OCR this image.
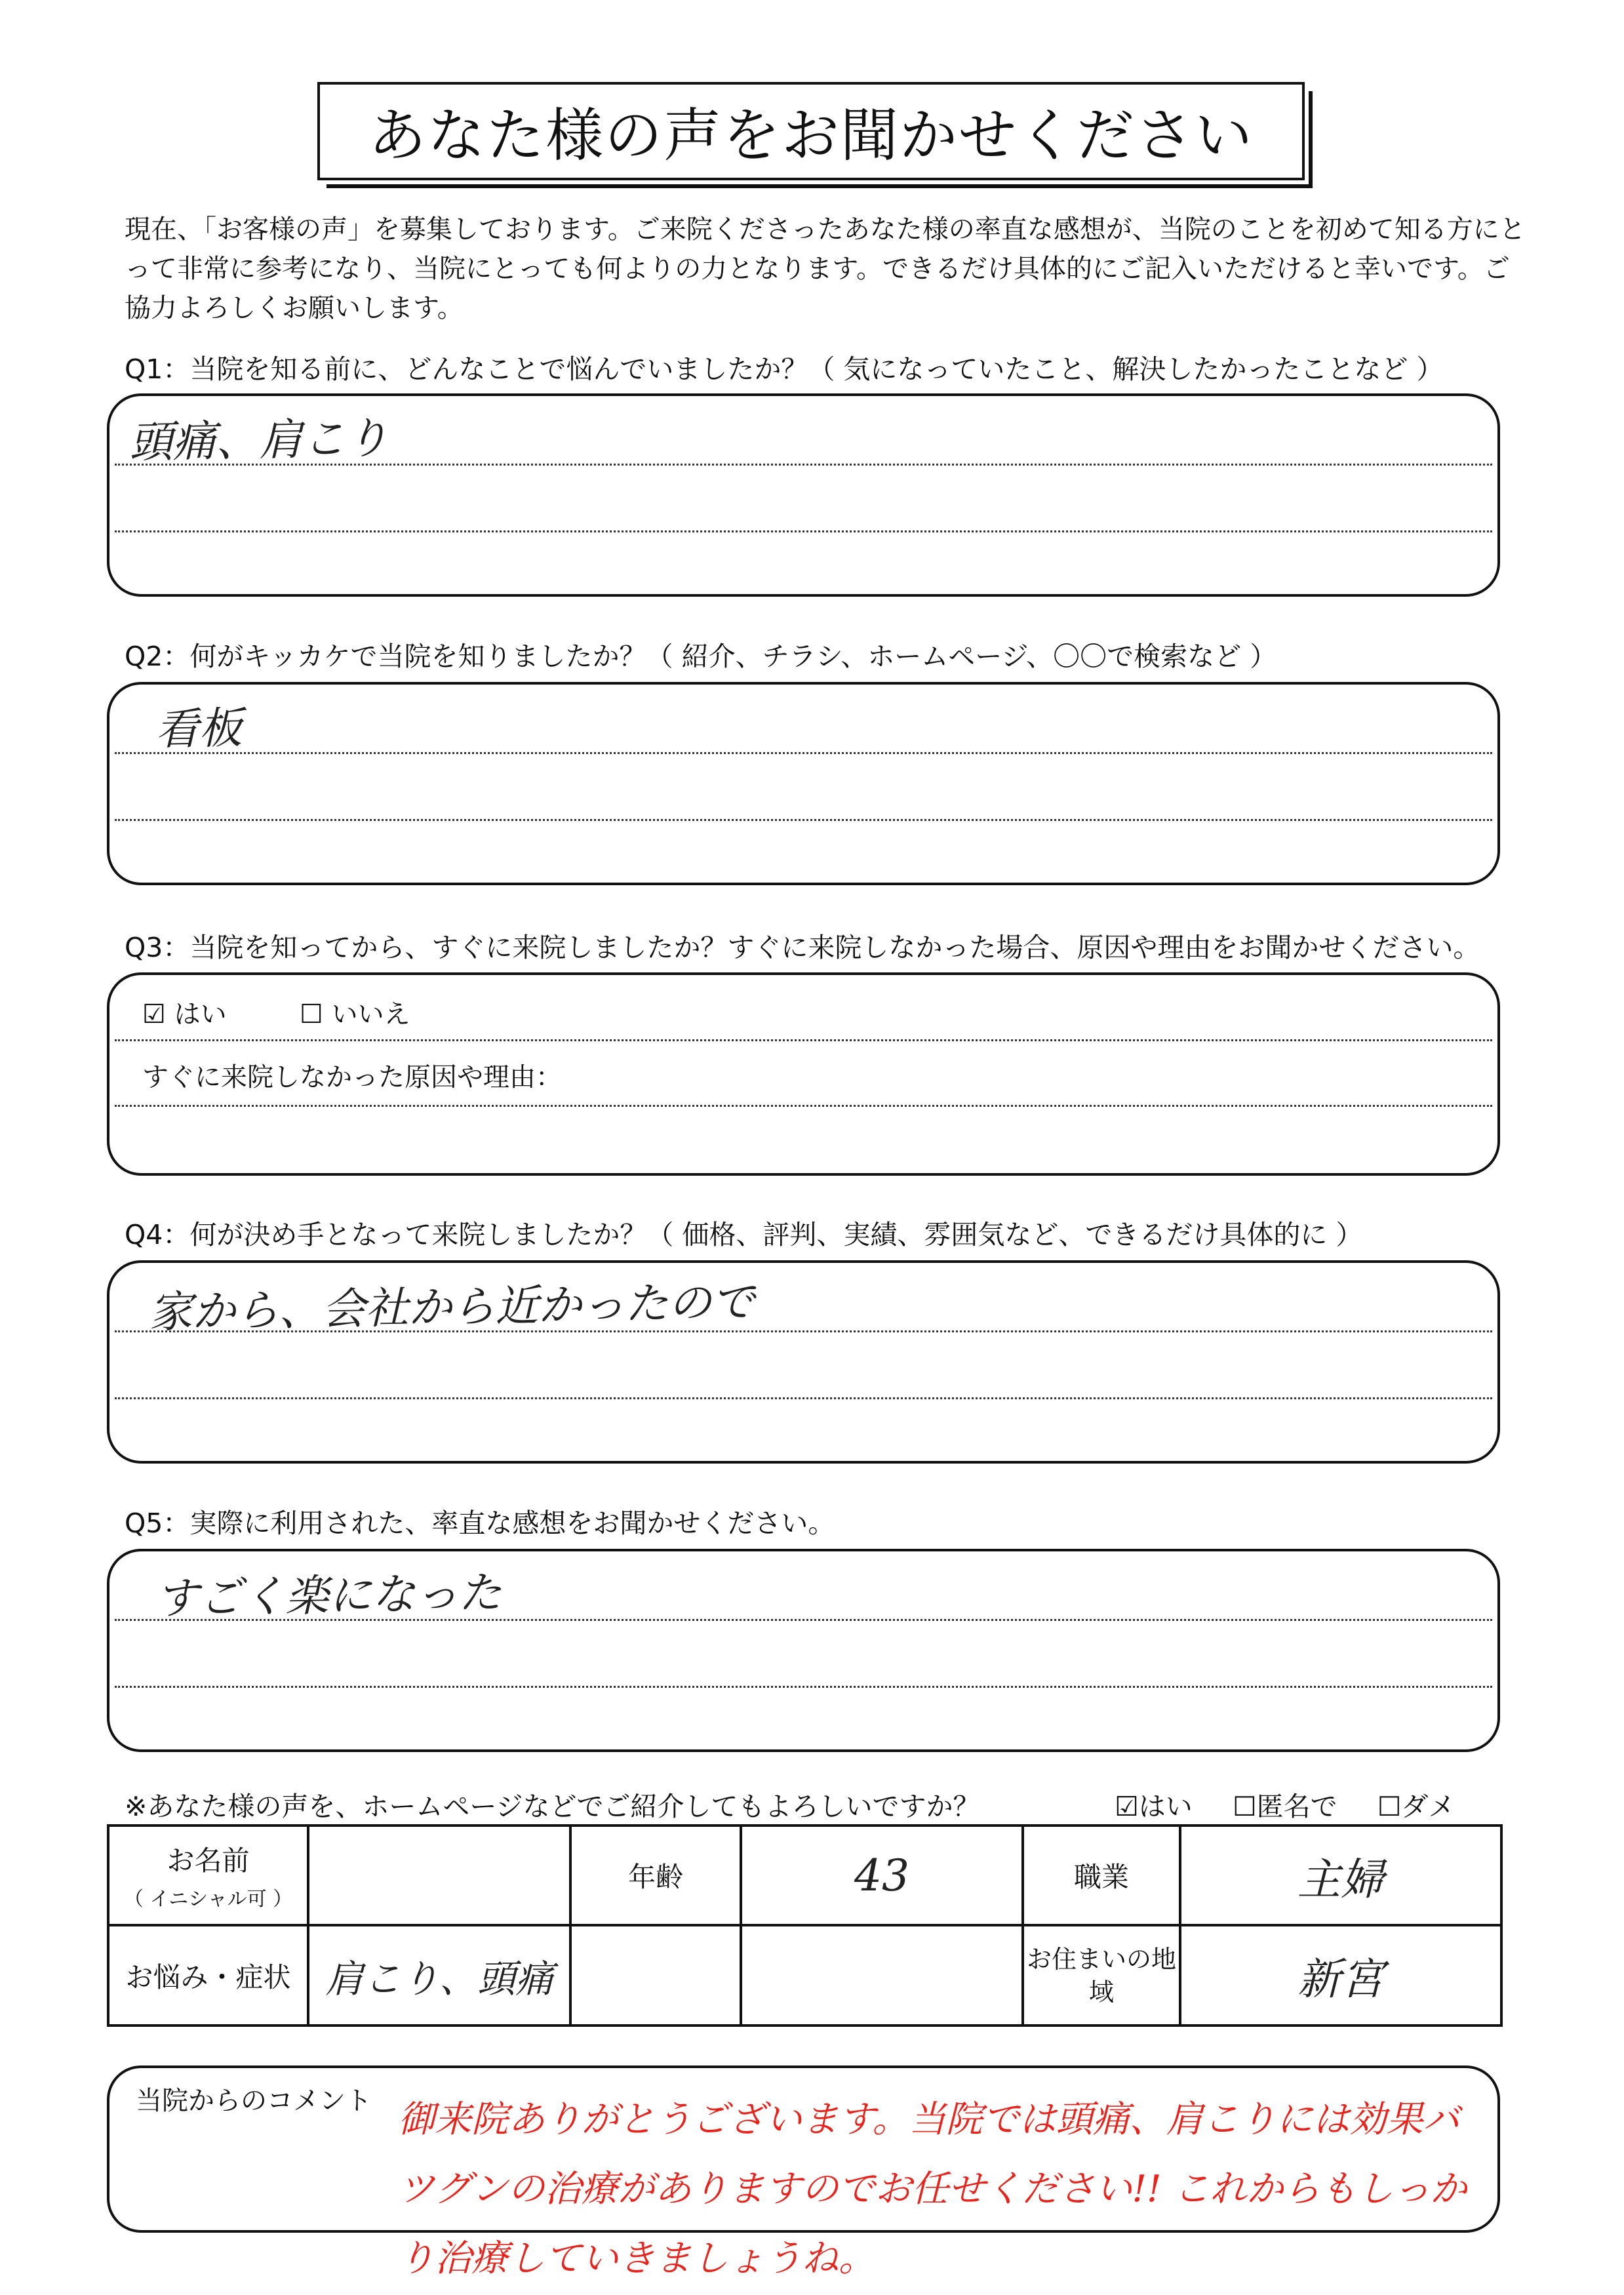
あなた様の声をお聞かせください
現在、「お客様の声」を募集しております。ご来院くださったあなた様の率直な感想が、当院のことを初めて知る方にとって非常に参考になり、当院にとっても何よりの力となります。できるだけ具体的にご記入いただけると幸いです。ご協力よろしくお願いします。
Q1：当院を知る前に、どんなことで悩んでいましたか？（ 気になっていたこと、解決したかったことなど ）
頭痛、肩こり
Q2：何がキッカケで当院を知りましたか？（ 紹介、チラシ、ホームページ、〇〇で検索など ）
看板
Q3：当院を知ってから、すぐに来院しましたか？すぐに来院しなかった場合、原因や理由をお聞かせください。
☑ はい	☐ いいえ
すぐに来院しなかった原因や理由：
Q4：何が決め手となって来院しましたか？（ 価格、評判、実績、雰囲気など、できるだけ具体的に ）
家から、会社から近かったので
Q5：実際に利用された、率直な感想をお聞かせください。
すごく楽になった
※あなた様の声を、ホームページなどでご紹介してもよろしいですか？	☑はい ☐匿名で ☐ダメ
お名前
（ イニシャル可 ）		年齢	43	職業	主婦
お悩み・症状	肩こり、頭痛			お住まいの地域	新宮
当院からのコメント 御来院ありがとうございます。当院では頭痛、肩こりには効果バツグンの治療がありますのでお任せください!! これからもしっかり治療していきましょうね。
